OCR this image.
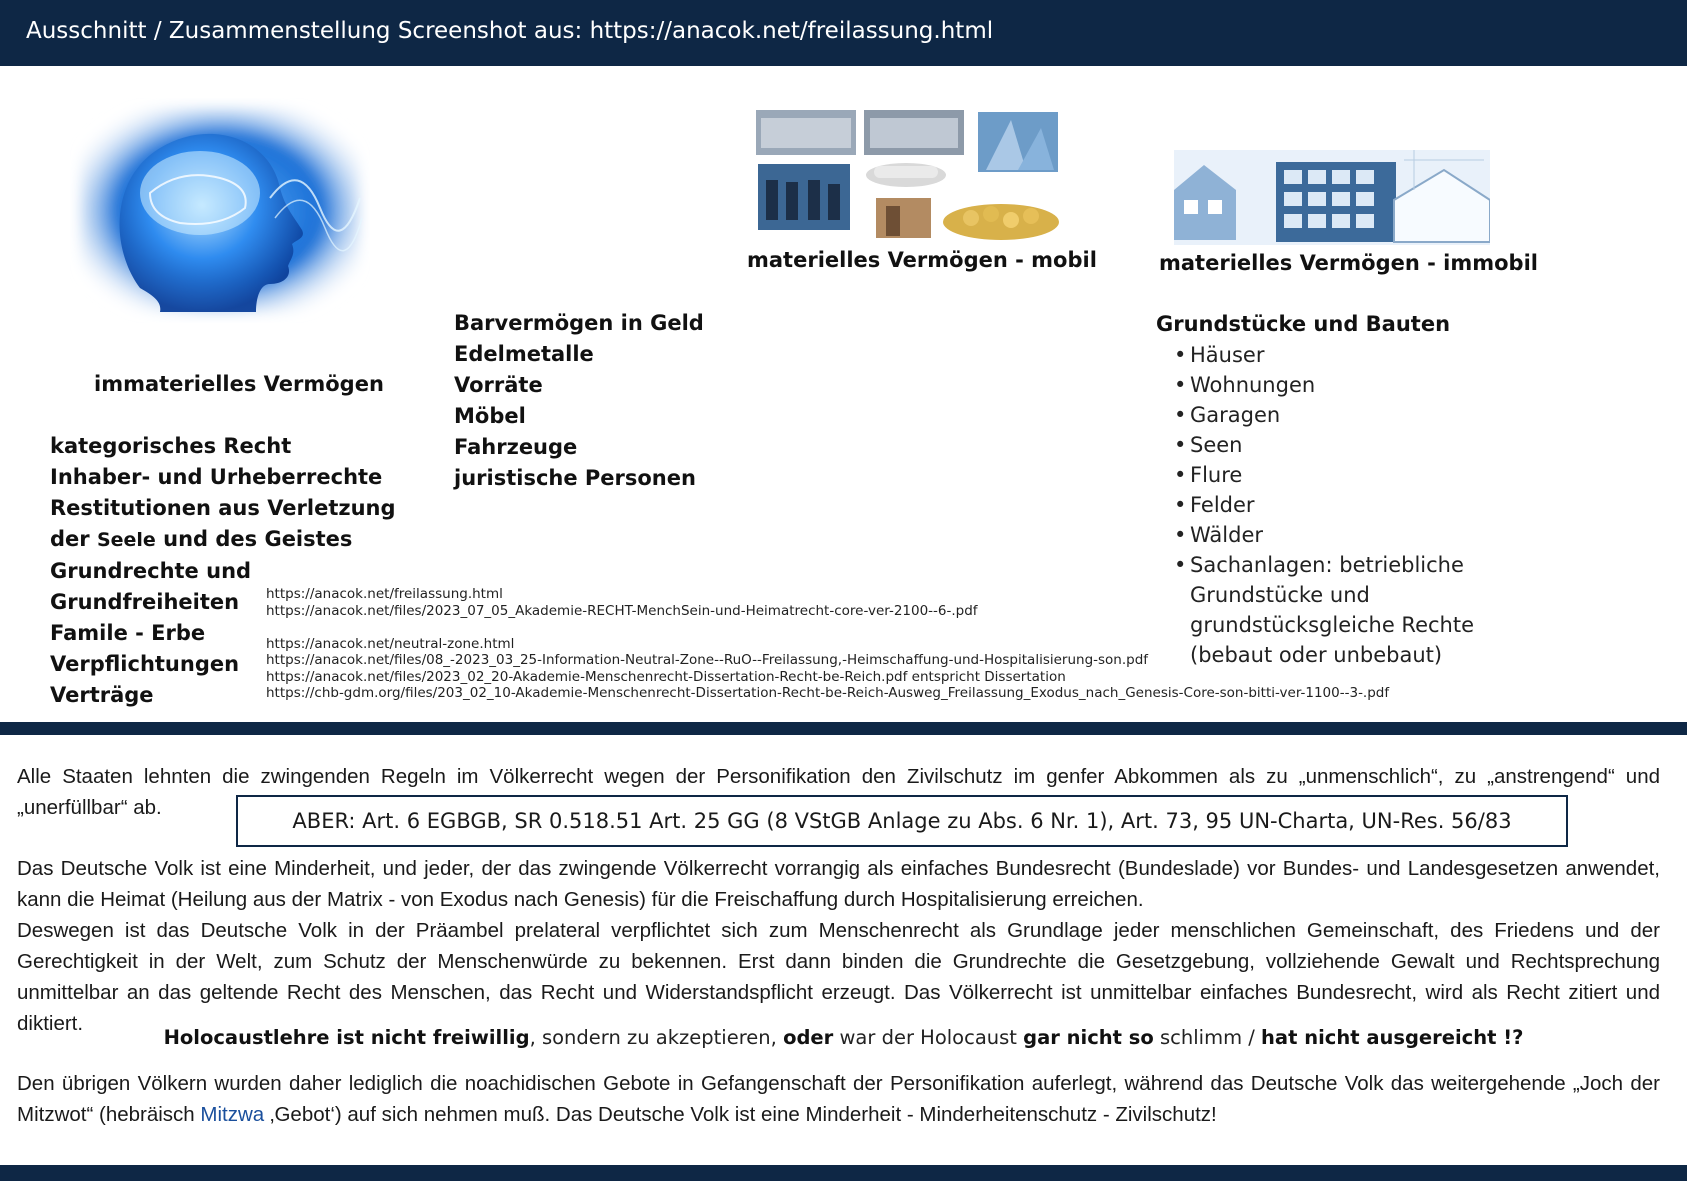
Ausschnitt / Zusammenstellung Screenshot aus: https://anacok.net/freilassung.html
immaterielles Vermögen
materielles Vermögen - mobil	materielles Vermögen - immobil
kategorisches Recht
Inhaber- und Urheberrechte
Restitutionen aus Verletzung
der Seele und des Geistes
Grundrechte und
Grundfreiheiten
Famile - Erbe
Verpflichtungen
Verträge
Barvermögen in Geld
Edelmetalle
Vorräte
Möbel
Fahrzeuge
juristische Personen
Grundstücke und Bauten
• Häuser
• Wohnungen
• Garagen
• Seen
• Flure
• Felder
• Wälder
• Sachanlagen: betriebliche Grundstücke und grundstücksgleiche Rechte (bebaut oder unbebaut)
https://anacok.net/freilassung.html
https://anacok.net/files/2023_07_05_Akademie-RECHT-MenchSein-und-Heimatrecht-core-ver-2100--6-.pdf
https://anacok.net/neutral-zone.html
https://anacok.net/files/08_-2023_03_25-Information-Neutral-Zone--RuO--Freilassung,-Heimschaffung-und-Hospitalisierung-son.pdf
https://anacok.net/files/2023_02_20-Akademie-Menschenrecht-Dissertation-Recht-be-Reich.pdf entspricht Dissertation
https://chb-gdm.org/files/203_02_10-Akademie-Menschenrecht-Dissertation-Recht-be-Reich-Ausweg_Freilassung_Exodus_nach_Genesis-Core-son-bitti-ver-1100--3-.pdf

Alle Staaten lehnten die zwingenden Regeln im Völkerrecht wegen der Personifikation den Zivilschutz im genfer Abkommen als zu „unmenschlich“, zu „anstrengend“ und „unerfüllbar“ ab.

ABER: Art. 6 EGBGB, SR 0.518.51 Art. 25 GG (8 VStGB Anlage zu Abs. 6 Nr. 1), Art. 73, 95 UN-Charta, UN-Res. 56/83

Das Deutsche Volk ist eine Minderheit, und jeder, der das zwingende Völkerrecht vorrangig als einfaches Bundesrecht (Bundeslade) vor Bundes- und Landesgesetzen anwendet, kann die Heimat (Heilung aus der Matrix - von Exodus nach Genesis) für die Freischaffung durch Hospitalisierung erreichen.

Deswegen ist das Deutsche Volk in der Präambel prelateral verpflichtet sich zum Menschenrecht als Grundlage jeder menschlichen Gemeinschaft, des Friedens und der Gerechtigkeit in der Welt, zum Schutz der Menschenwürde zu bekennen. Erst dann binden die Grundrechte die Gesetzgebung, vollziehende Gewalt und Rechtsprechung unmittelbar an das geltende Recht des Menschen, das Recht und Widerstandspflicht erzeugt. Das Völkerrecht ist unmittelbar einfaches Bundesrecht, wird als Recht zitiert und diktiert.

Holocaustlehre ist nicht freiwillig, sondern zu akzeptieren, oder war der Holocaust gar nicht so schlimm / hat nicht ausgereicht !?

Den übrigen Völkern wurden daher lediglich die noachidischen Gebote in Gefangenschaft der Personifikation auferlegt, während das Deutsche Volk das weitergehende „Joch der Mitzwot“ (hebräisch Mitzwa ‚Gebot‘) auf sich nehmen muß. Das Deutsche Volk ist eine Minderheit - Minderheitenschutz - Zivilschutz!
